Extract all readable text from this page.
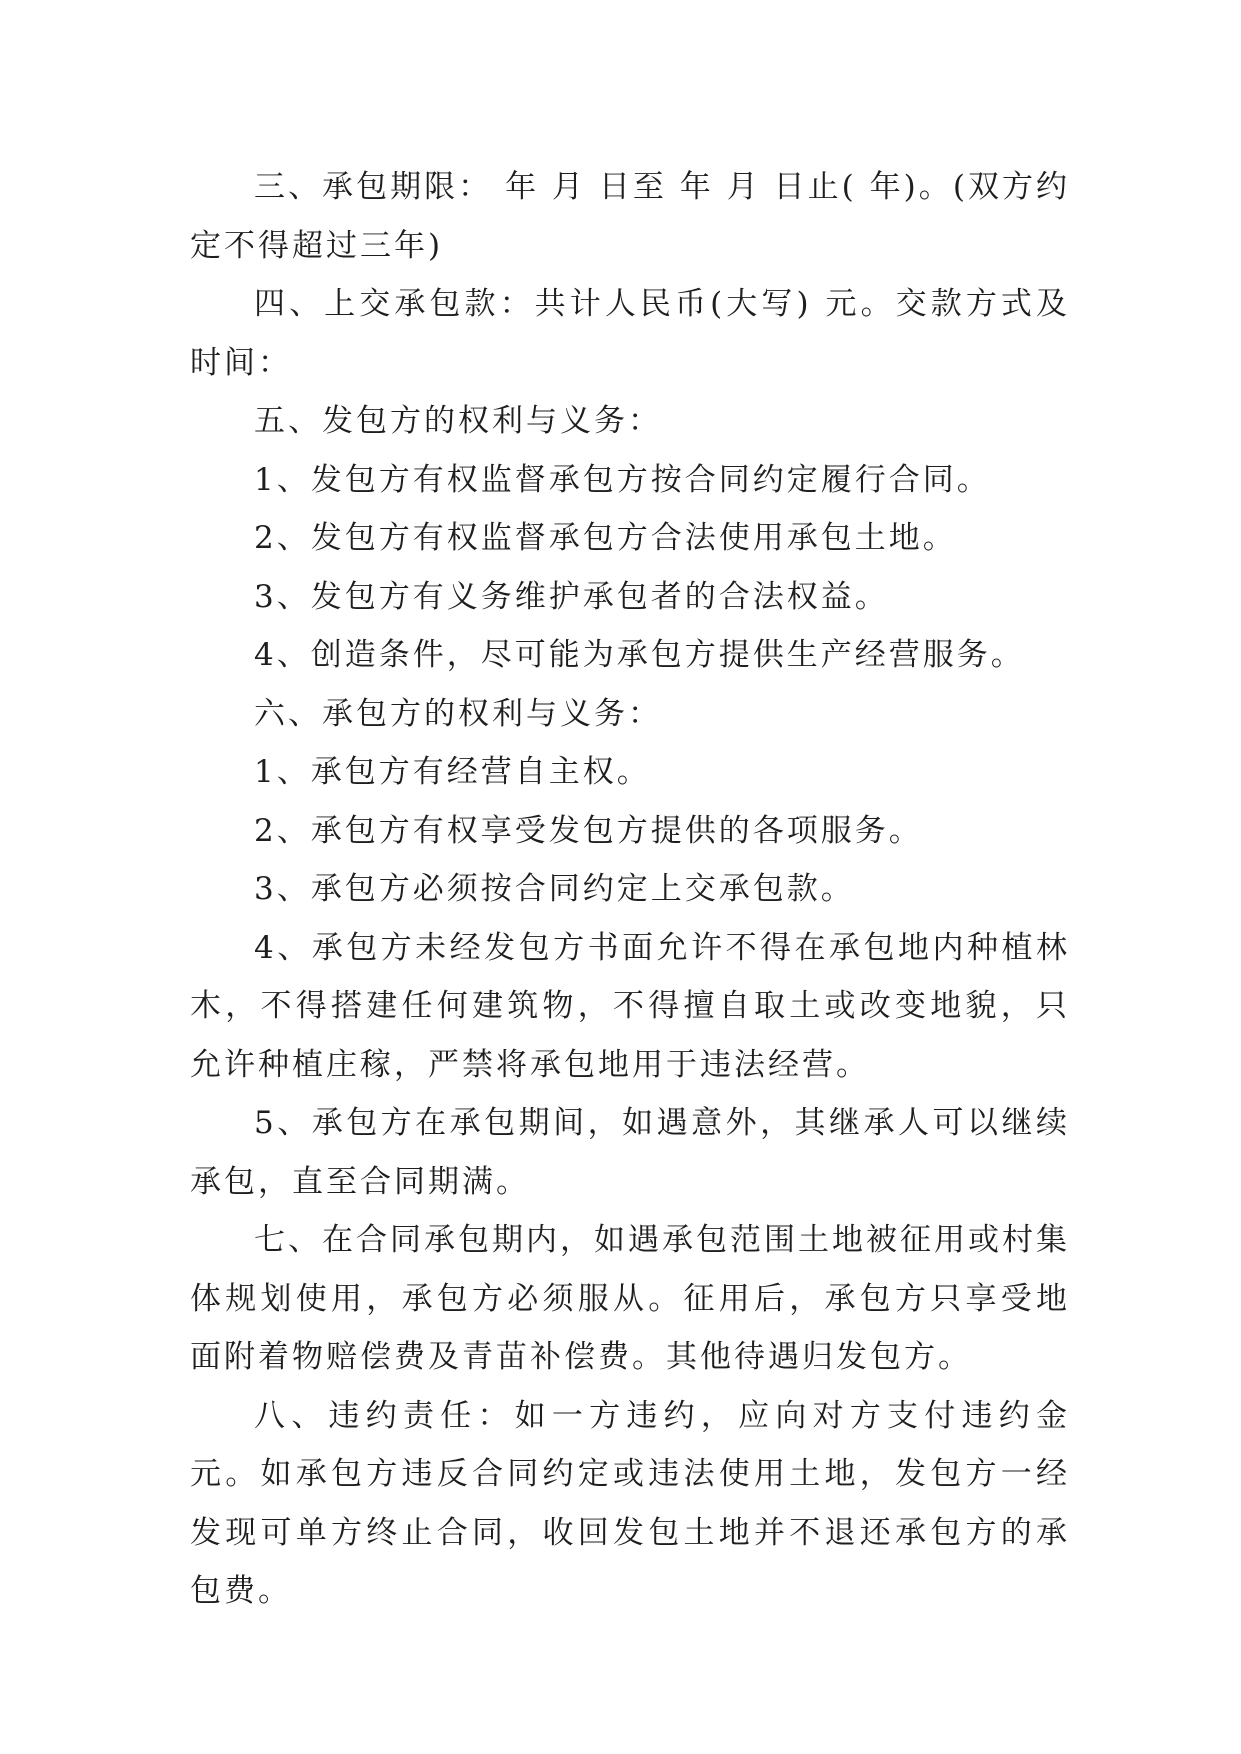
三、承包期限： 年 月 日至 年 月 日止( 年)。(双方约定不得超过三年)

四、上交承包款：共计人民币(大写) 元。交款方式及时间：

五、发包方的权利与义务：

1、发包方有权监督承包方按合同约定履行合同。

2、发包方有权监督承包方合法使用承包土地。

3、发包方有义务维护承包者的合法权益。

4、创造条件，尽可能为承包方提供生产经营服务。

六、承包方的权利与义务：

1、承包方有经营自主权。

2、承包方有权享受发包方提供的各项服务。

3、承包方必须按合同约定上交承包款。

4、承包方未经发包方书面允许不得在承包地内种植林木，不得搭建任何建筑物，不得擅自取土或改变地貌，只允许种植庄稼，严禁将承包地用于违法经营。

5、承包方在承包期间，如遇意外，其继承人可以继续承包，直至合同期满。

七、在合同承包期内，如遇承包范围土地被征用或村集体规划使用，承包方必须服从。征用后，承包方只享受地面附着物赔偿费及青苗补偿费。其他待遇归发包方。

八、违约责任：如一方违约，应向对方支付违约金 元。如承包方违反合同约定或违法使用土地，发包方一经发现可单方终止合同，收回发包土地并不退还承包方的承包费。
